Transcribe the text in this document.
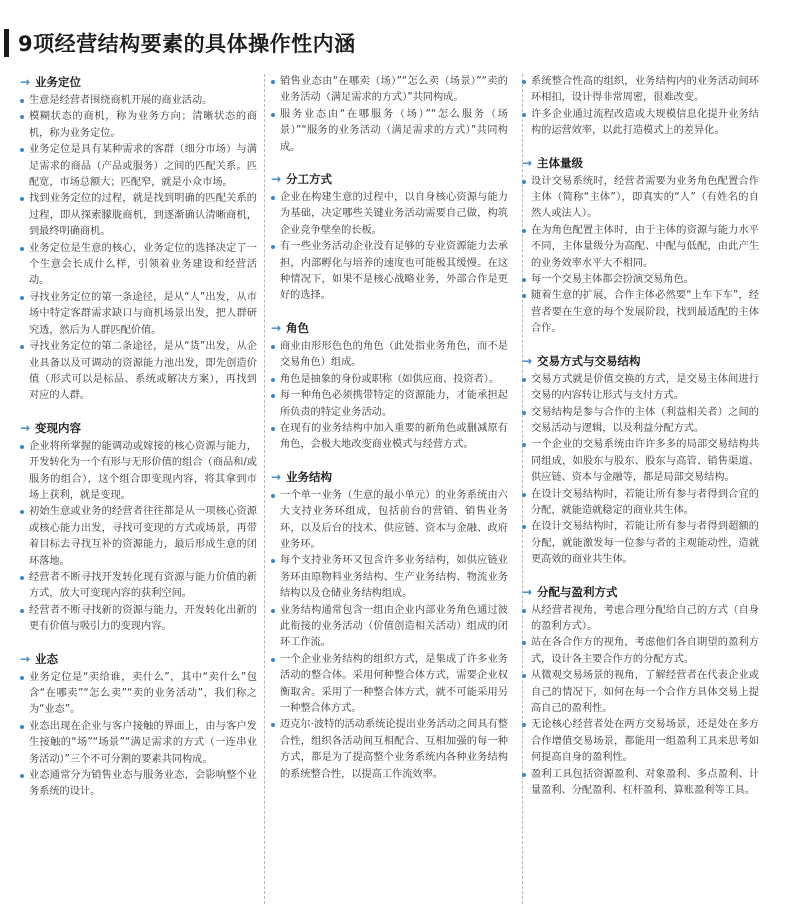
9项经营结构要素的具体操作性内涵
→ 业务定位
生意是经营者围绕商机开展的商业活动。
模糊状态的商机，称为业务方向；清晰状态的商机，称为业务定位。
业务定位是具有某种需求的客群（细分市场）与满足需求的商品（产品或服务）之间的匹配关系。匹配宽，市场总额大；匹配窄，就是小众市场。
找到业务定位的过程，就是找到明确的匹配关系的过程，即从探索朦胧商机，到逐渐确认清晰商机，到最终明确商机。
业务定位是生意的核心，业务定位的选择决定了一个生意会长成什么样，引领着业务建设和经营活动。
寻找业务定位的第一条途径，是从“人”出发，从市场中特定客群需求缺口与商机场景出发，把人群研究透，然后为人群匹配价值。
寻找业务定位的第二条途径，是从“货”出发，从企业具备以及可调动的资源能力池出发，即先创造价值（形式可以是标品、系统或解决方案），再找到对应的人群。
→ 变现内容
企业将所掌握的能调动或嫁接的核心资源与能力，开发转化为一个有形与无形价值的组合（商品和/或服务的组合），这个组合即变现内容，将其拿到市场上获利，就是变现。
初始生意或业务的经营者往往都是从一项核心资源或核心能力出发，寻找可变现的方式或场景，再带着目标去寻找互补的资源能力，最后形成生意的闭环落地。
经营者不断寻找开发转化现有资源与能力价值的新方式，放大可变现内容的获利空间。
经营者不断寻找新的资源与能力，开发转化出新的更有价值与吸引力的变现内容。
→ 业态
业务定位是“卖给谁，卖什么”，其中“卖什么”包含“在哪卖”“怎么卖”“卖的业务活动”，我们称之为“业态”。
业态出现在企业与客户接触的界面上，由与客户发生接触的“场”“场景”“满足需求的方式（一连串业务活动）”三个不可分割的要素共同构成。
业态通常分为销售业态与服务业态，会影响整个业务系统的设计。
销售业态由“在哪卖（场）”“怎么卖（场景）”“卖的业务活动（满足需求的方式）”共同构成。
服务业态由“在哪服务（场）”“怎么服务（场景）”“服务的业务活动（满足需求的方式）”共同构成。
→ 分工方式
企业在构建生意的过程中，以自身核心资源与能力为基础，决定哪些关键业务活动需要自己做，构筑企业竞争壁垒的长板。
有一些业务活动企业没有足够的专业资源能力去承担，内部孵化与培养的速度也可能极其缓慢。在这种情况下，如果不是核心战略业务，外部合作是更好的选择。
→ 角色
商业由形形色色的角色（此处指业务角色，而不是交易角色）组成。
角色是抽象的身份或职称（如供应商、投资者）。
每一种角色必须携带特定的资源能力，才能承担起所负责的特定业务活动。
在现有的业务结构中加入重要的新角色或删减原有角色，会极大地改变商业模式与经营方式。
→ 业务结构
一个单一业务（生意的最小单元）的业务系统由六大支持业务环组成，包括前台的营销、销售业务环，以及后台的技术、供应链、资本与金融、政府业务环。
每个支持业务环又包含许多业务结构，如供应链业务环由原物料业务结构、生产业务结构、物流业务结构以及仓储业务结构组成。
业务结构通常包含一组由企业内部业务角色通过彼此衔接的业务活动（价值创造相关活动）组成的闭环工作流。
一个企业业务结构的组织方式，是集成了许多业务活动的整合体。采用何种整合体方式，需要企业权衡取舍。采用了一种整合体方式，就不可能采用另一种整合体方式。
迈克尔·波特的活动系统论提出业务活动之间具有整合性，组织各活动间互相配合、互相加强的每一种方式，都是为了提高整个业务系统内各种业务结构的系统整合性，以提高工作流效率。
系统整合性高的组织，业务结构内的业务活动间环环相扣，设计得非常周密，很难改变。
许多企业通过流程改造或大规模信息化提升业务结构的运营效率，以此打造模式上的差异化。
→ 主体量级
设计交易系统时，经营者需要为业务角色配置合作主体（简称“主体”），即真实的“人”（有姓名的自然人或法人）。
在为角色配置主体时，由于主体的资源与能力水平不同，主体量级分为高配、中配与低配，由此产生的业务效率水平大不相同。
每一个交易主体都会扮演交易角色。
随着生意的扩展，合作主体必然要“上车下车”，经营者要在生意的每个发展阶段，找到最适配的主体合作。
→ 交易方式与交易结构
交易方式就是价值交换的方式，是交易主体间进行交易的内容转让形式与支付方式。
交易结构是参与合作的主体（利益相关者）之间的交易活动与逻辑，以及利益分配方式。
一个企业的交易系统由许许多多的局部交易结构共同组成，如股东与股东、股东与高管、销售渠道、供应链、资本与金融等，都是局部交易结构。
在设计交易结构时，若能让所有参与者得到合宜的分配，就能造就稳定的商业共生体。
在设计交易结构时，若能让所有参与者得到超额的分配，就能激发每一位参与者的主观能动性，造就更高效的商业共生体。
→ 分配与盈利方式
从经营者视角，考虑合理分配给自己的方式（自身的盈利方式）。
站在各合作方的视角，考虑他们各自期望的盈利方式，设计各主要合作方的分配方式。
从微观交易场景的视角，了解经营者在代表企业或自己的情况下，如何在每一个合作方具体交易上提高自己的盈利性。
无论核心经营者处在两方交易场景，还是处在多方合作增值交易场景，都能用一组盈利工具来思考如何提高自身的盈利性。
盈利工具包括资源盈利、对象盈利、多点盈利、计量盈利、分配盈利、杠杆盈利、算账盈利等工具。
